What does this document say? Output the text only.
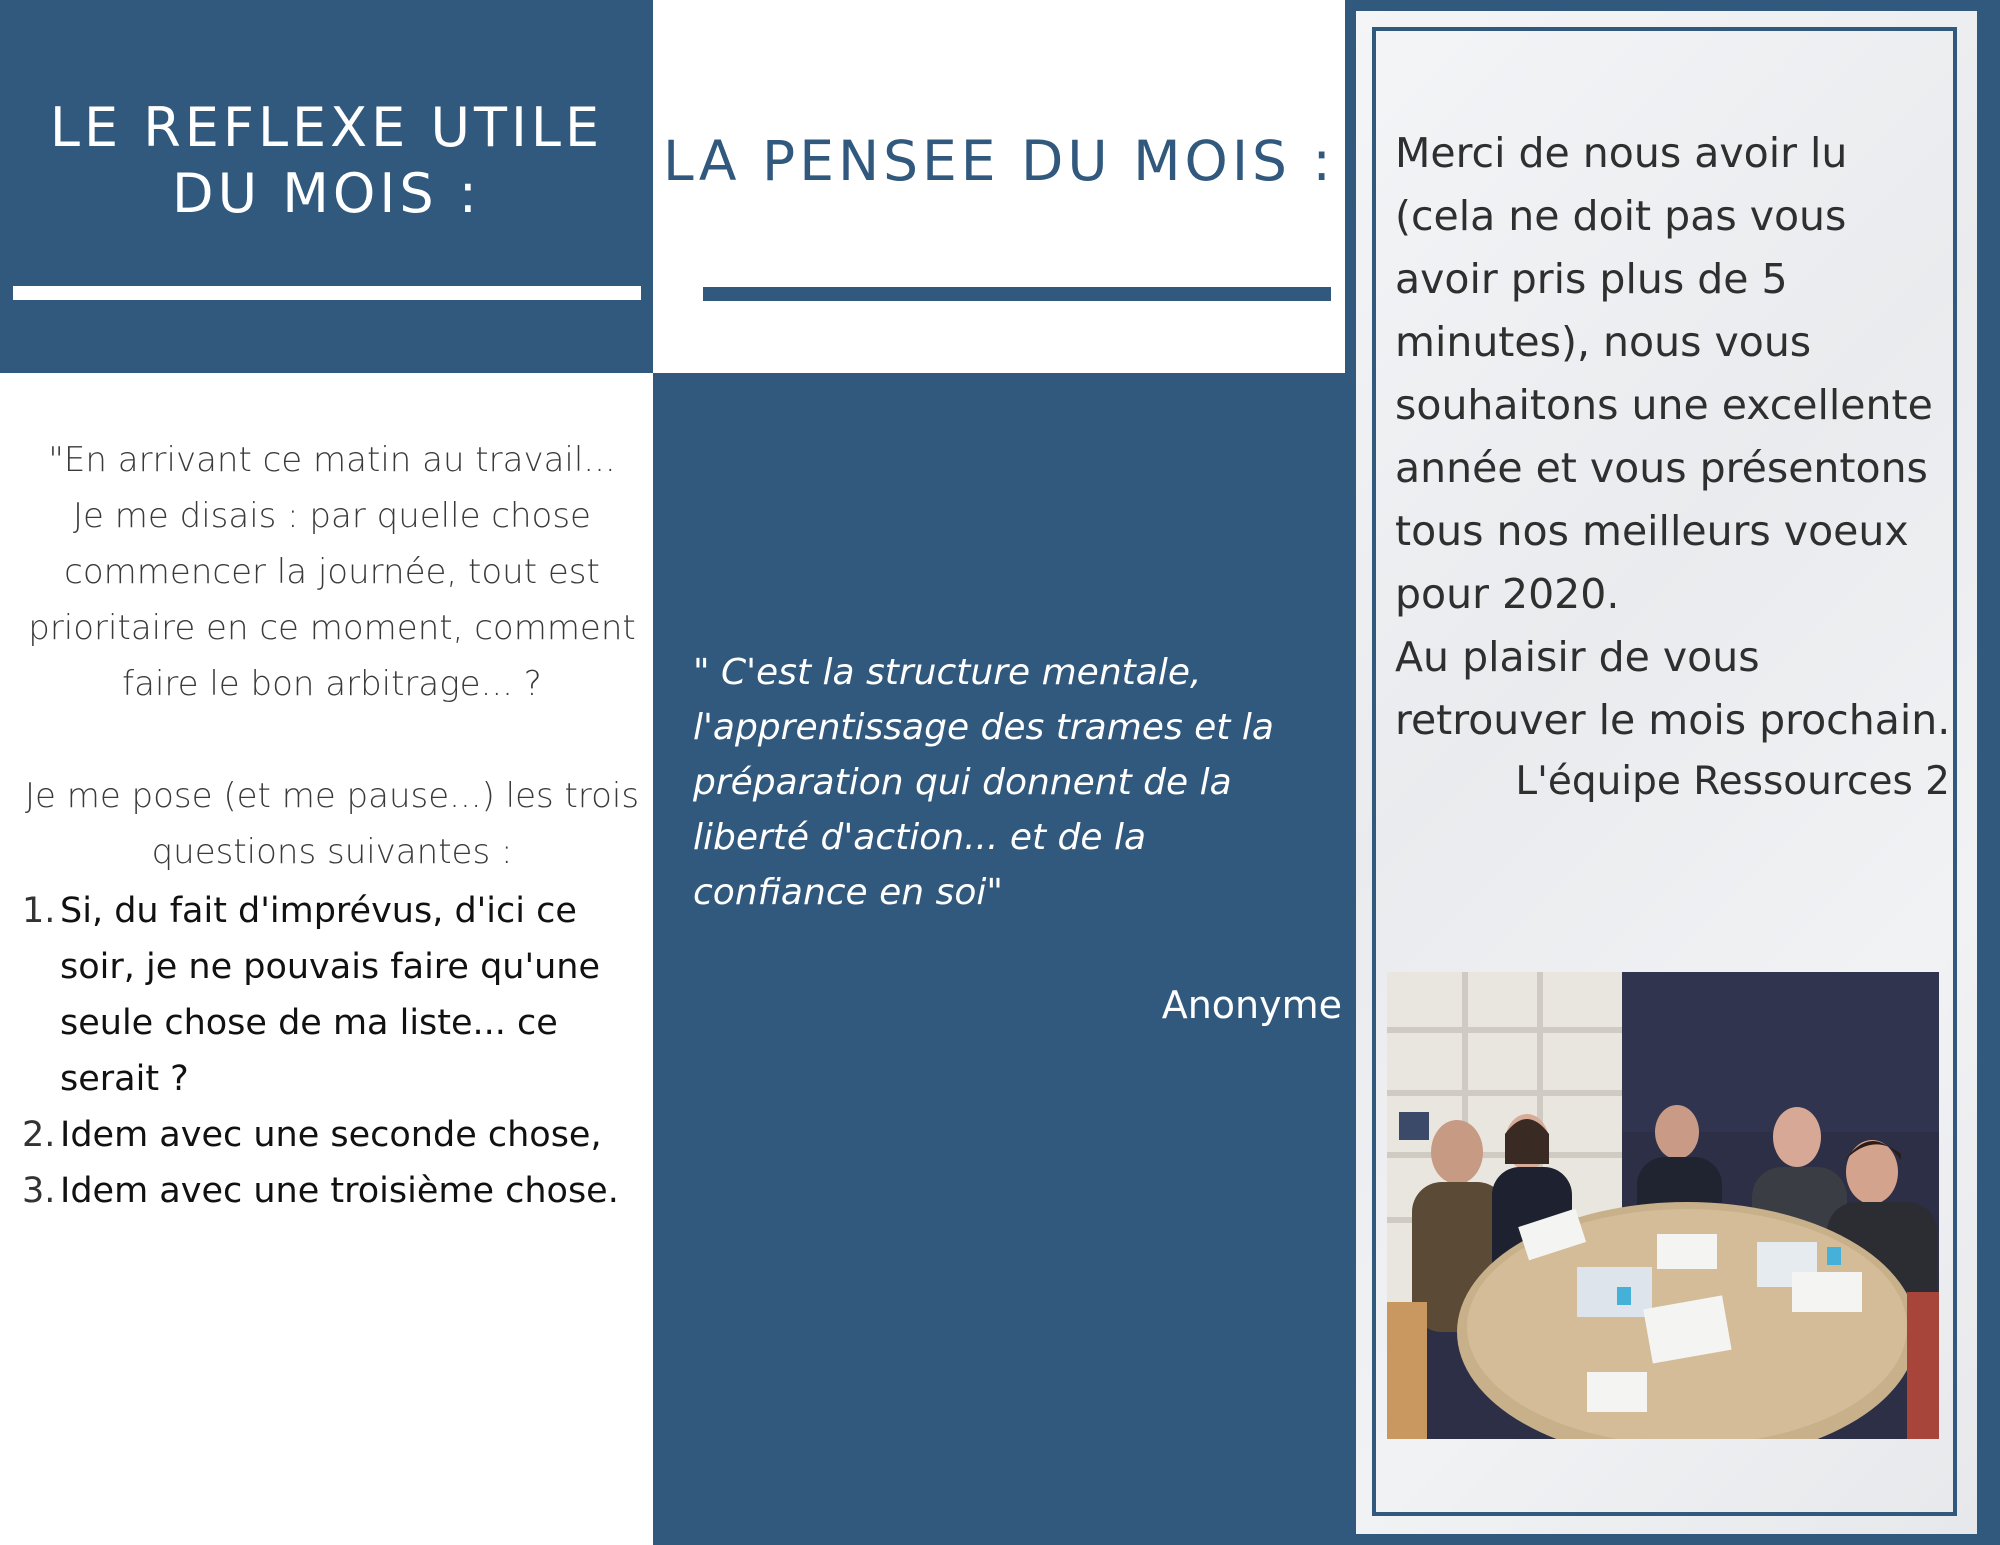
LE REFLEXE UTILE
DU MOIS :

"En arrivant ce matin au travail...

Je me disais : par quelle chose

commencer la journée, tout est

prioritaire en ce moment, comment

faire le bon arbitrage... ?

Je me pose (et me pause...) les trois

questions suivantes :

1. Si, du fait d'imprévus, d'ici ce soir, je ne pouvais faire qu'une seule chose de ma liste... ce serait ?
2. Idem avec une seconde chose,
3. Idem avec une troisième chose.
LA PENSEE DU MOIS :
" C'est la structure mentale, l'apprentissage des trames et la préparation qui donnent de la liberté d'action... et de la confiance en soi"
Anonyme

Merci de nous avoir lu (cela ne doit pas vous avoir pris plus de 5 minutes), nous vous souhaitons une excellente année et vous présentons tous nos meilleurs voeux pour 2020.

Au plaisir de vous retrouver le mois prochain.

L'équipe Ressources 2
